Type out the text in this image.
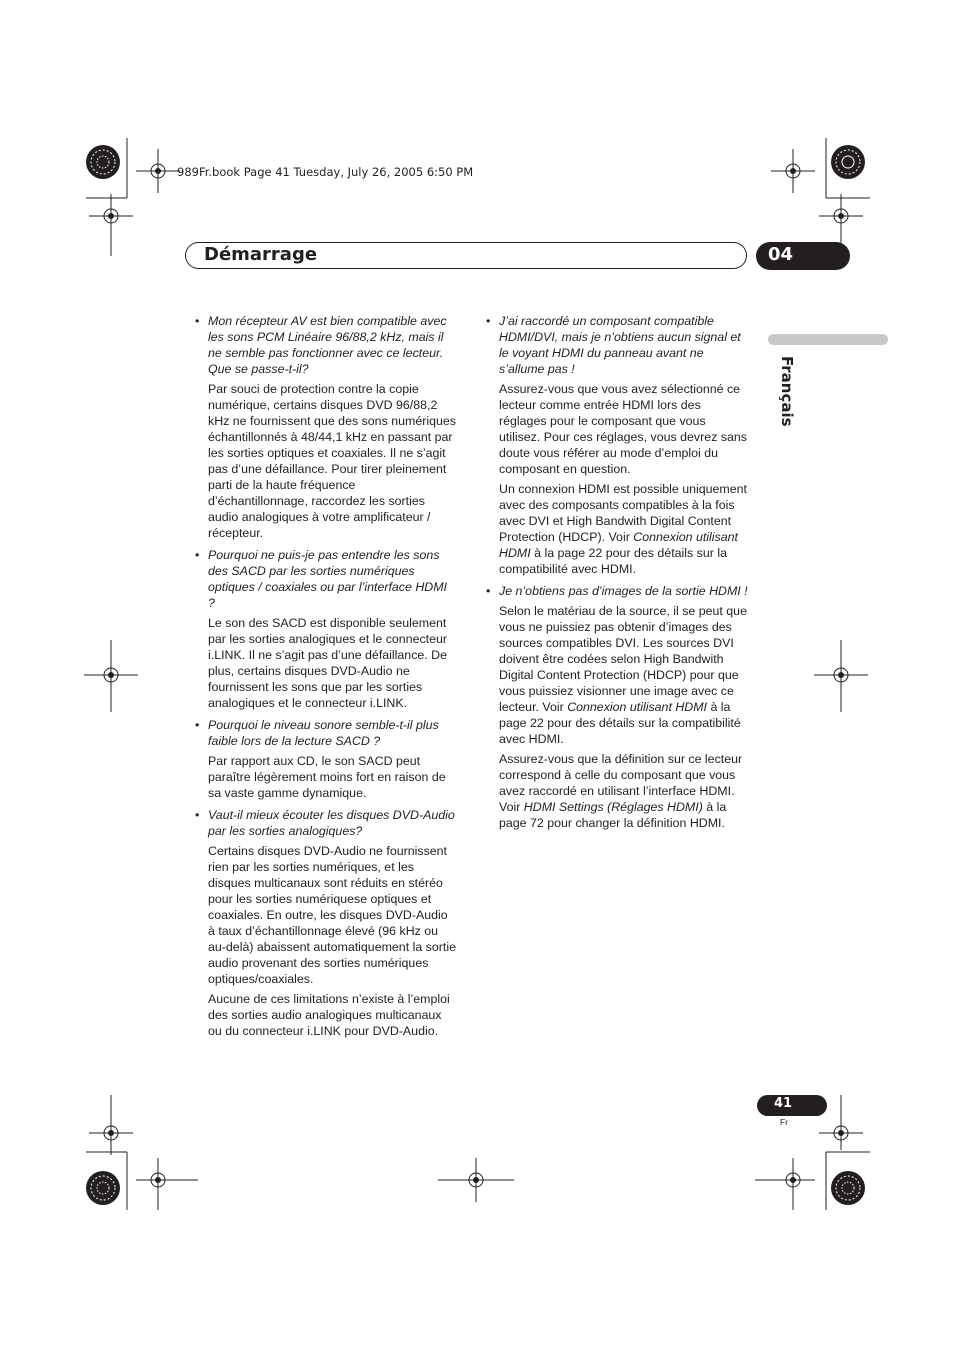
989Fr.book Page 41 Tuesday, July 26, 2005 6:50 PM
Démarrage	04
Français

• Mon récepteur AV est bien compatible avec les sons PCM Linéaire 96/88,2 kHz, mais il ne semble pas fonctionner avec ce lecteur. Que se passe-t-il?

Par souci de protection contre la copie numérique, certains disques DVD 96/88,2 kHz ne fournissent que des sons numériques échantillonnés à 48/44,1 kHz en passant par les sorties optiques et coaxiales. Il ne s’agit pas d’une défaillance. Pour tirer pleinement parti de la haute fréquence d’échantillonnage, raccordez les sorties audio analogiques à votre amplificateur / récepteur.

• Pourquoi ne puis-je pas entendre les sons des SACD par les sorties numériques optiques / coaxiales ou par l’interface HDMI ?

Le son des SACD est disponible seulement par les sorties analogiques et le connecteur i.LINK. Il ne s’agit pas d’une défaillance. De plus, certains disques DVD-Audio ne fournissent les sons que par les sorties analogiques et le connecteur i.LINK.

• Pourquoi le niveau sonore semble-t-il plus faible lors de la lecture SACD ?

Par rapport aux CD, le son SACD peut paraître légèrement moins fort en raison de sa vaste gamme dynamique.

• Vaut-il mieux écouter les disques DVD-Audio par les sorties analogiques?

Certains disques DVD-Audio ne fournissent rien par les sorties numériques, et les disques multicanaux sont réduits en stéréo pour les sorties numériquese optiques et coaxiales. En outre, les disques DVD-Audio à taux d’échantillonnage élevé (96 kHz ou au-delà) abaissent automatiquement la sortie audio provenant des sorties numériques optiques/coaxiales.

Aucune de ces limitations n’existe à l’emploi des sorties audio analogiques multicanaux ou du connecteur i.LINK pour DVD-Audio.

• J’ai raccordé un composant compatible HDMI/DVI, mais je n’obtiens aucun signal et le voyant HDMI du panneau avant ne s’allume pas !

Assurez-vous que vous avez sélectionné ce lecteur comme entrée HDMI lors des réglages pour le composant que vous utilisez. Pour ces réglages, vous devrez sans doute vous référer au mode d’emploi du composant en question.

Un connexion HDMI est possible uniquement avec des composants compatibles à la fois avec DVI et High Bandwith Digital Content Protection (HDCP). Voir Connexion utilisant HDMI à la page 22 pour des détails sur la compatibilité avec HDMI.

• Je n’obtiens pas d’images de la sortie HDMI !

Selon le matériau de la source, il se peut que vous ne puissiez pas obtenir d’images des sources compatibles DVI. Les sources DVI doivent être codées selon High Bandwith Digital Content Protection (HDCP) pour que vous puissiez visionner une image avec ce lecteur. Voir Connexion utilisant HDMI à la page 22 pour des détails sur la compatibilité avec HDMI.

Assurez-vous que la définition sur ce lecteur correspond à celle du composant que vous avez raccordé en utilisant l’interface HDMI. Voir HDMI Settings (Réglages HDMI) à la page 72 pour changer la définition HDMI.

41
Fr
